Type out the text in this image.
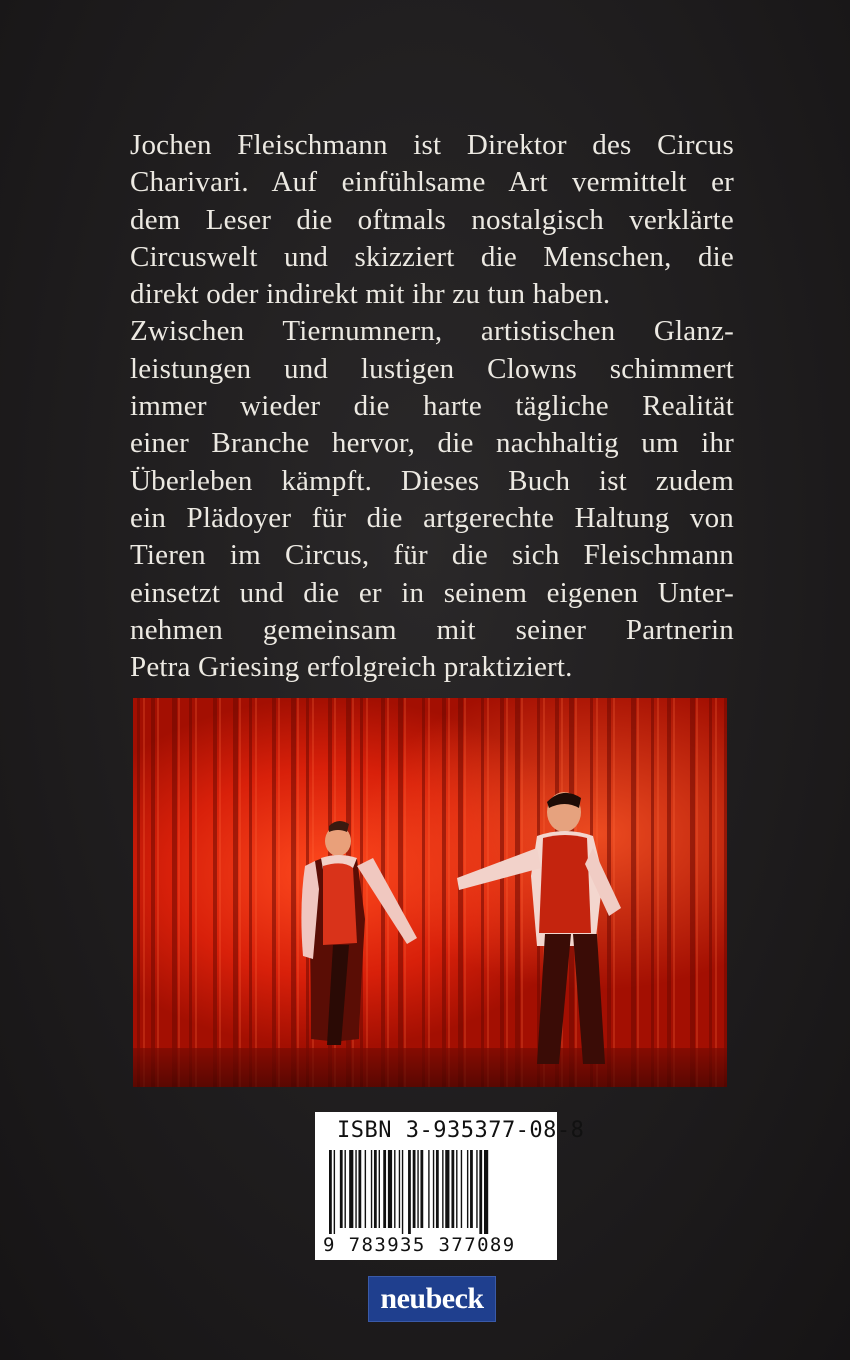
Jochen Fleischmann ist Direktor des Circus
Charivari. Auf einfühlsame Art vermittelt er
dem Leser die oftmals nostalgisch verklärte
Circuswelt und skizziert die Menschen, die
direkt oder indirekt mit ihr zu tun haben.
Zwischen Tiernumnern, artistischen Glanz-
leistungen und lustigen Clowns schimmert
immer wieder die harte tägliche Realität
einer Branche hervor, die nachhaltig um ihr
Überleben kämpft. Dieses Buch ist zudem
ein Plädoyer für die artgerechte Haltung von
Tieren im Circus, für die sich Fleischmann
einsetzt und die er in seinem eigenen Unter-
nehmen gemeinsam mit seiner Partnerin
Petra Griesing erfolgreich praktiziert.
ISBN 3-935377-08-8
9 783935 377089
neubeck
